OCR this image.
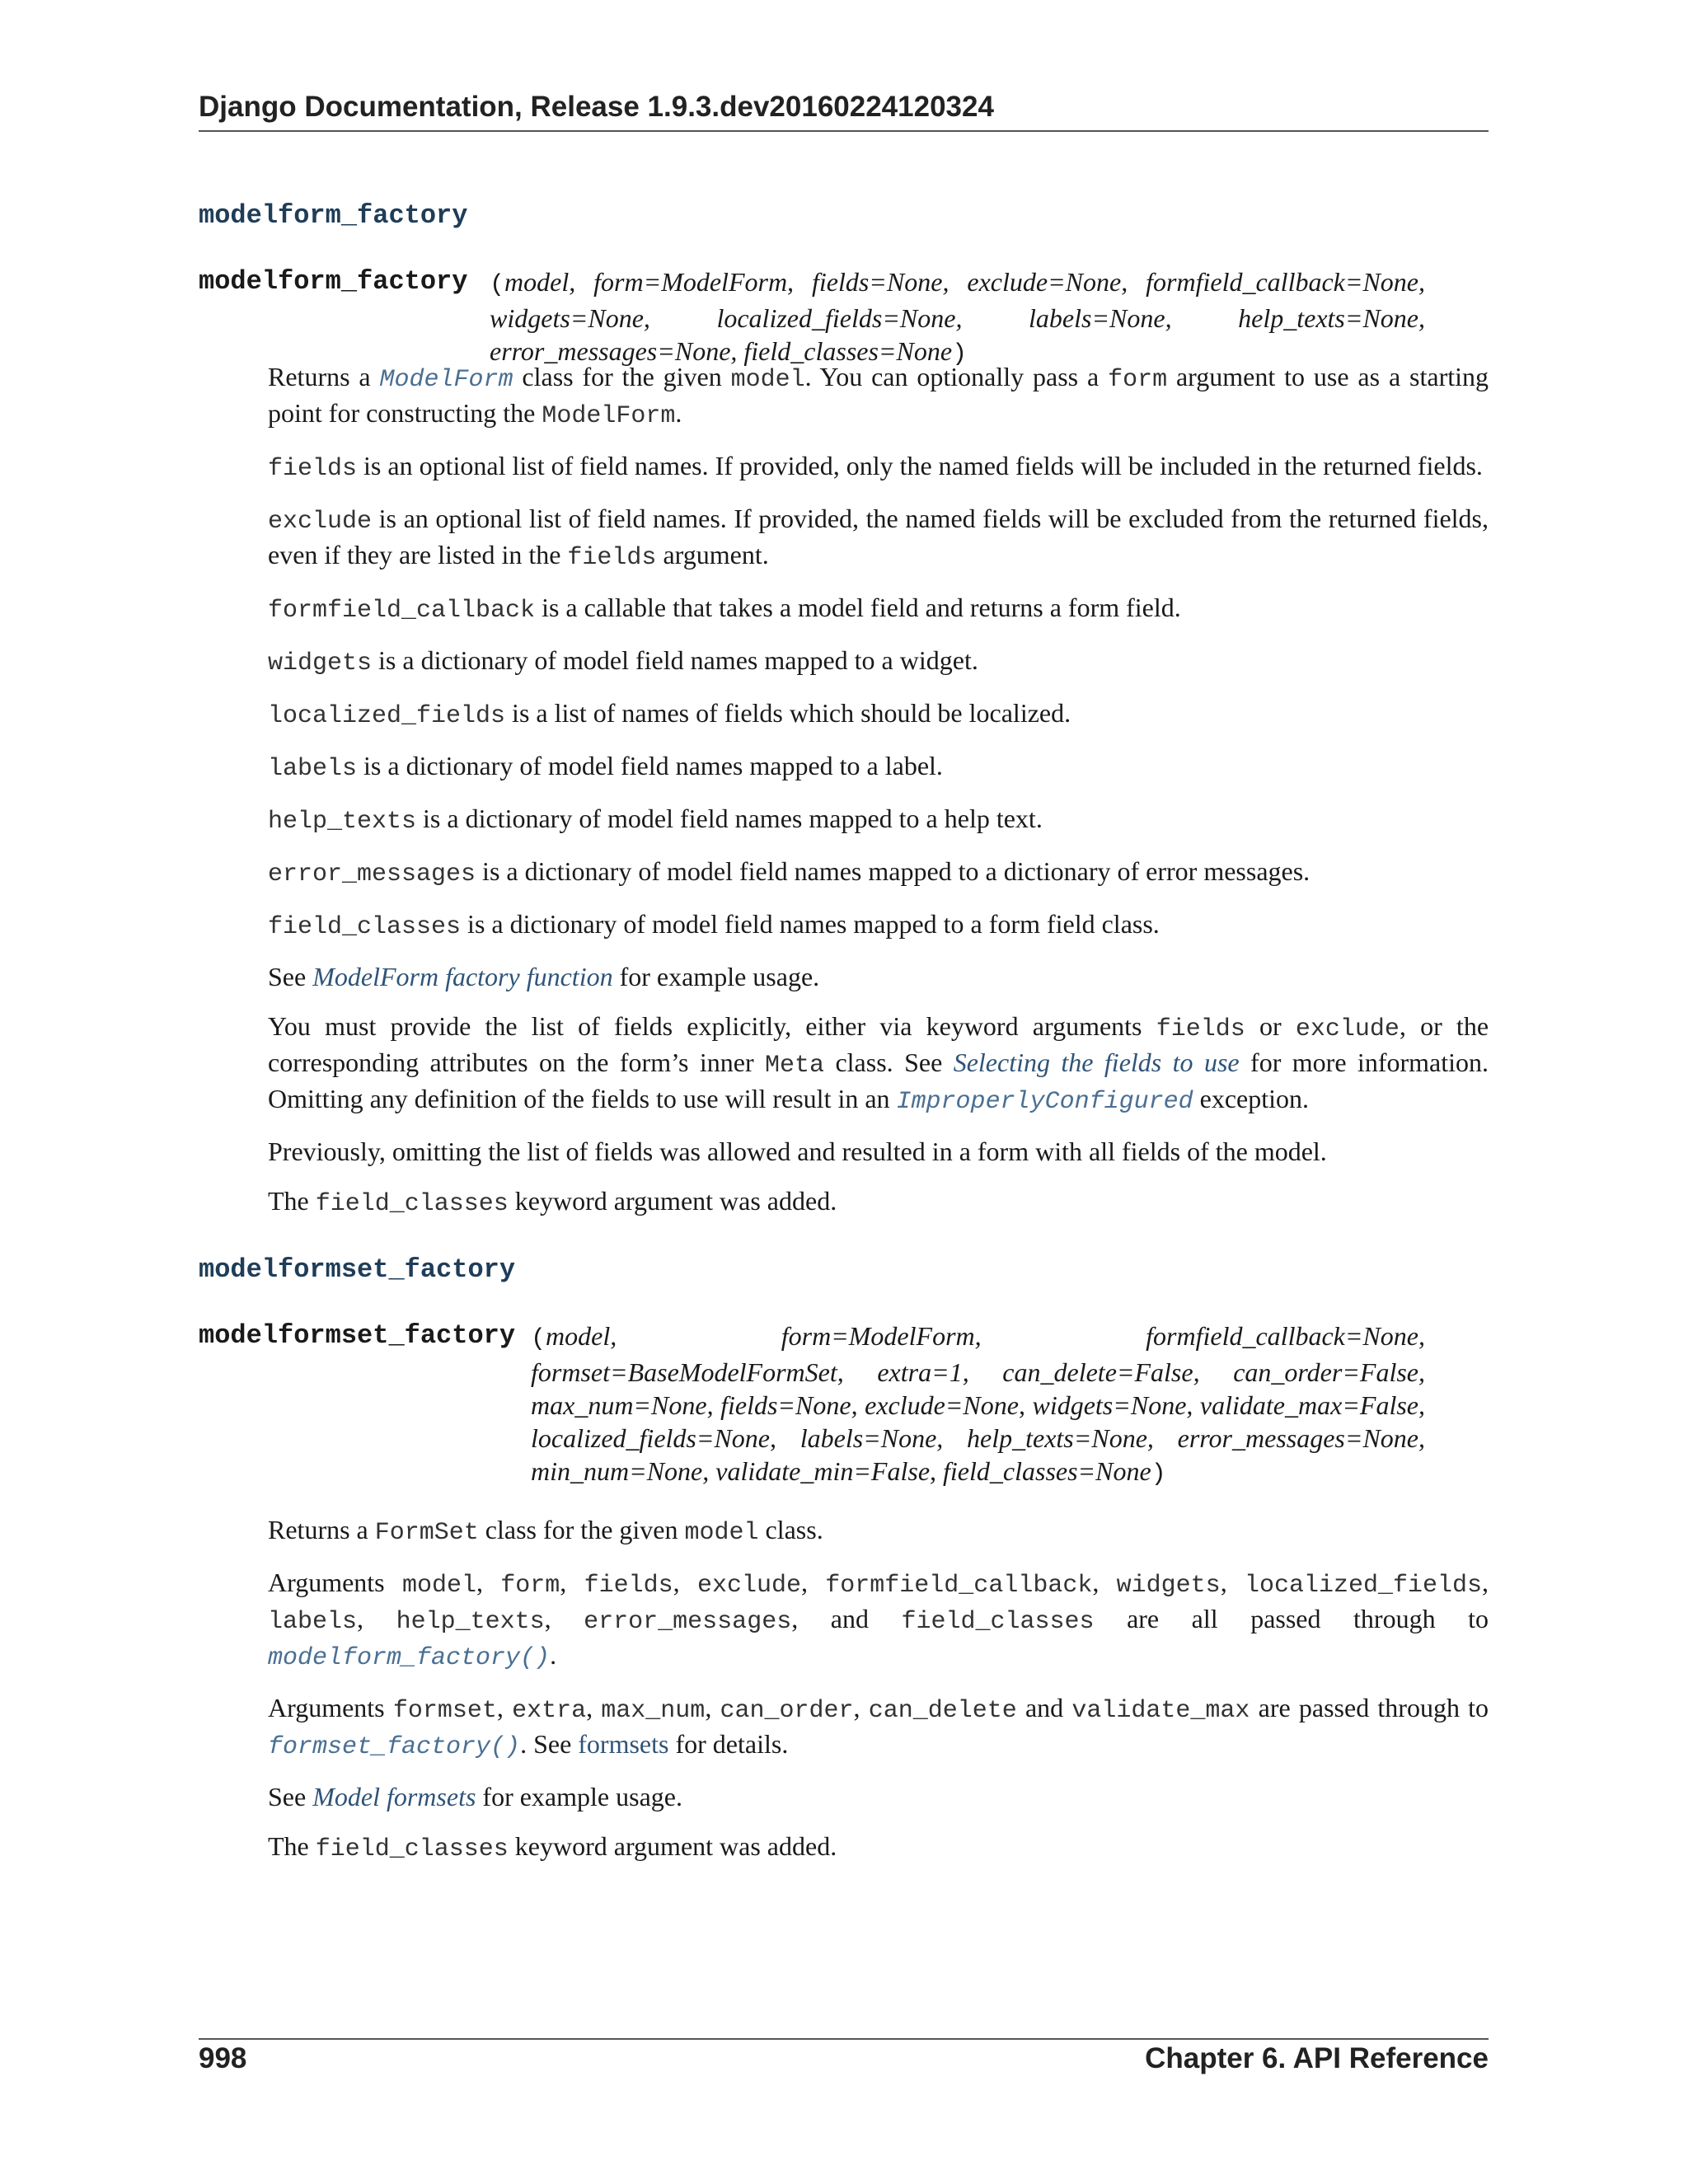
Django Documentation, Release 1.9.3.dev20160224120324
modelform_factory
modelform_factory (model, form=ModelForm, fields=None, exclude=None, formfield_callback=None, widgets=None, localized_fields=None, labels=None, help_texts=None, error_messages=None, field_classes=None)

Returns a ModelForm class for the given model. You can optionally pass a form argument to use as a starting point for constructing the ModelForm.

fields is an optional list of field names. If provided, only the named fields will be included in the returned fields.

exclude is an optional list of field names. If provided, the named fields will be excluded from the returned fields, even if they are listed in the fields argument.

formfield_callback is a callable that takes a model field and returns a form field.

widgets is a dictionary of model field names mapped to a widget.

localized_fields is a list of names of fields which should be localized.

labels is a dictionary of model field names mapped to a label.

help_texts is a dictionary of model field names mapped to a help text.

error_messages is a dictionary of model field names mapped to a dictionary of error messages.

field_classes is a dictionary of model field names mapped to a form field class.

See ModelForm factory function for example usage.

You must provide the list of fields explicitly, either via keyword arguments fields or exclude, or the corresponding attributes on the form’s inner Meta class. See Selecting the fields to use for more information. Omitting any definition of the fields to use will result in an ImproperlyConfigured exception.

Previously, omitting the list of fields was allowed and resulted in a form with all fields of the model.

The field_classes keyword argument was added.

modelformset_factory
modelformset_factory (model, form=ModelForm, formfield_callback=None, formset=BaseModelFormSet, extra=1, can_delete=False, can_order=False, max_num=None, fields=None, exclude=None, widgets=None, validate_max=False, localized_fields=None, labels=None, help_texts=None, error_messages=None, min_num=None, validate_min=False, field_classes=None)

Returns a FormSet class for the given model class.

Arguments model, form, fields, exclude, formfield_callback, widgets, localized_fields, labels, help_texts, error_messages, and field_classes are all passed through to modelform_factory().

Arguments formset, extra, max_num, can_order, can_delete and validate_max are passed through to formset_factory(). See formsets for details.

See Model formsets for example usage.

The field_classes keyword argument was added.

998	Chapter 6. API Reference
